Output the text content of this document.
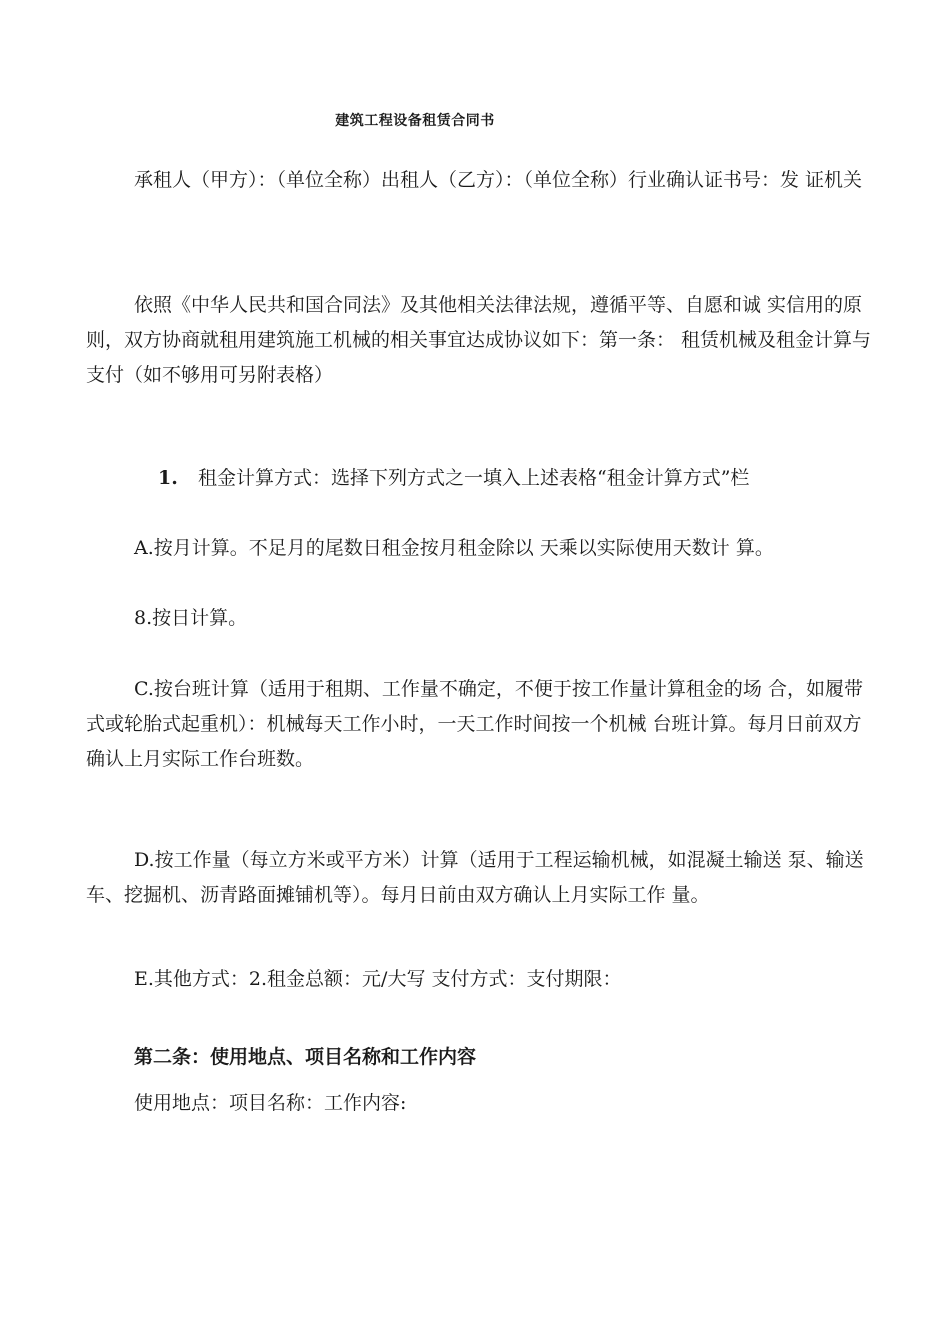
建筑工程设备租赁合同书

承租人（甲方）：（单位全称）出租人（乙方）：（单位全称）行业确认证书号：发 证机关

依照《中华人民共和国合同法》及其他相关法律法规，遵循平等、自愿和诚 实信用的原则，双方协商就租用建筑施工机械的相关事宜达成协议如下：第一条： 租赁机械及租金计算与支付（如不够用可另附表格）

1. 租金计算方式：选择下列方式之一填入上述表格“租金计算方式”栏

A.按月计算。不足月的尾数日租金按月租金除以 天乘以实际使用天数计 算。

8.按日计算。

C.按台班计算（适用于租期、工作量不确定，不便于按工作量计算租金的场 合，如履带式或轮胎式起重机）：机械每天工作小时，一天工作时间按一个机械 台班计算。每月日前双方确认上月实际工作台班数。

D.按工作量（每立方米或平方米）计算（适用于工程运输机械，如混凝土输送 泵、输送车、挖掘机、沥青路面摊铺机等）。每月日前由双方确认上月实际工作 量。

E.其他方式：2.租金总额：元/大写 支付方式：支付期限：

第二条：使用地点、项目名称和工作内容

使用地点：项目名称：工作内容:
